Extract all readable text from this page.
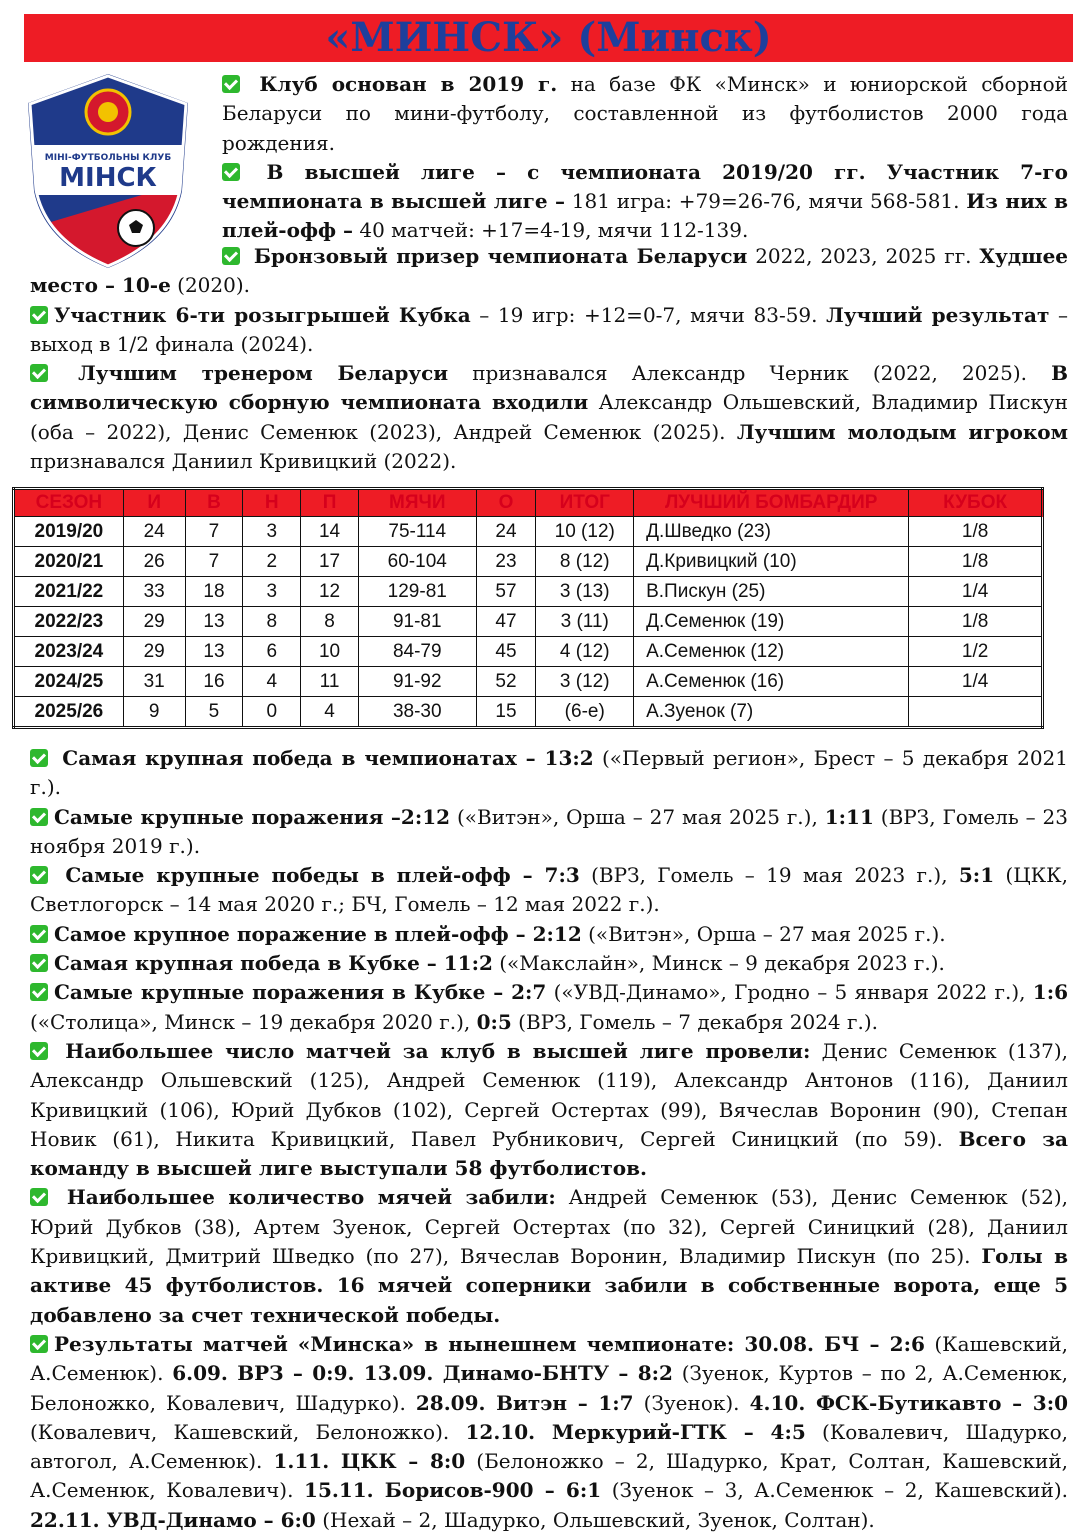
«МИНСК» (Минск)
МІНІ-ФУТБОЛЬНЫ КЛУБ
МІНСК

Клуб основан в 2019 г. на базе ФК «Минск» и юниорской сборной Беларуси по мини-футболу, составленной из футболистов 2000 года рождения.

В высшей лиге – с чемпионата 2019/20 гг. Участник 7-го чемпионата в высшей лиге – 181 игра: +79=26-76, мячи 568-581. Из них в плей-офф – 40 матчей: +17=4-19, мячи 112-139.

Бронзовый призер чемпионата Беларуси 2022, 2023, 2025 гг. Худшее место – 10-е (2020).

Участник 6-ти розыгрышей Кубка – 19 игр: +12=0-7, мячи 83-59. Лучший результат – выход в 1/2 финала (2024).

Лучшим тренером Беларуси признавался Александр Черник (2022, 2025). В символическую сборную чемпионата входили Александр Ольшевский, Владимир Пискун (оба – 2022), Денис Семенюк (2023), Андрей Семенюк (2025). Лучшим молодым игроком признавался Даниил Кривицкий (2022).

СЕЗОН	И	В	Н	П	МЯЧИ	О	ИТОГ	ЛУЧШИЙ БОМБАРДИР	КУБОК
2019/20	24	7	3	14	75-114	24	10 (12)	Д.Шведко (23)	1/8
2020/21	26	7	2	17	60-104	23	8 (12)	Д.Кривицкий (10)	1/8
2021/22	33	18	3	12	129-81	57	3 (13)	В.Пискун (25)	1/4
2022/23	29	13	8	8	91-81	47	3 (11)	Д.Семенюк (19)	1/8
2023/24	29	13	6	10	84-79	45	4 (12)	А.Семенюк (12)	1/2
2024/25	31	16	4	11	91-92	52	3 (12)	А.Семенюк (16)	1/4
2025/26	9	5	0	4	38-30	15	(6-е)	А.Зуенок (7)	

Самая крупная победа в чемпионатах – 13:2 («Первый регион», Брест – 5 декабря 2021 г.).

Самые крупные поражения –2:12 («Витэн», Орша – 27 мая 2025 г.), 1:11 (ВРЗ, Гомель – 23 ноября 2019 г.).

Самые крупные победы в плей-офф – 7:3 (ВРЗ, Гомель – 19 мая 2023 г.), 5:1 (ЦКК, Светлогорск – 14 мая 2020 г.; БЧ, Гомель – 12 мая 2022 г.).

Самое крупное поражение в плей-офф – 2:12 («Витэн», Орша – 27 мая 2025 г.).

Самая крупная победа в Кубке – 11:2 («Макслайн», Минск – 9 декабря 2023 г.).

Самые крупные поражения в Кубке – 2:7 («УВД-Динамо», Гродно – 5 января 2022 г.), 1:6 («Столица», Минск – 19 декабря 2020 г.), 0:5 (ВРЗ, Гомель – 7 декабря 2024 г.).

Наибольшее число матчей за клуб в высшей лиге провели: Денис Семенюк (137), Александр Ольшевский (125), Андрей Семенюк (119), Александр Антонов (116), Даниил Кривицкий (106), Юрий Дубков (102), Сергей Остертах (99), Вячеслав Воронин (90), Степан Новик (61), Никита Кривицкий, Павел Рубникович, Сергей Синицкий (по 59). Всего за команду в высшей лиге выступали 58 футболистов.

Наибольшее количество мячей забили: Андрей Семенюк (53), Денис Семенюк (52), Юрий Дубков (38), Артем Зуенок, Сергей Остертах (по 32), Сергей Синицкий (28), Даниил Кривицкий, Дмитрий Шведко (по 27), Вячеслав Воронин, Владимир Пискун (по 25). Голы в активе 45 футболистов. 16 мячей соперники забили в собственные ворота, еще 5 добавлено за счет технической победы.

Результаты матчей «Минска» в нынешнем чемпионате: 30.08. БЧ – 2:6 (Кашевский, А.Семенюк). 6.09. ВРЗ – 0:9. 13.09. Динамо-БНТУ – 8:2 (Зуенок, Куртов – по 2, А.Семенюк, Белоножко, Ковалевич, Шадурко). 28.09. Витэн – 1:7 (Зуенок). 4.10. ФСК-Бутикавто – 3:0 (Ковалевич, Кашевский, Белоножко). 12.10. Меркурий-ГТК – 4:5 (Ковалевич, Шадурко, автогол, А.Семенюк). 1.11. ЦКК – 8:0 (Белоножко – 2, Шадурко, Крат, Солтан, Кашевский, А.Семенюк, Ковалевич). 15.11. Борисов-900 – 6:1 (Зуенок – 3, А.Семенюк – 2, Кашевский). 22.11. УВД-Динамо – 6:0 (Нехай – 2, Шадурко, Ольшевский, Зуенок, Солтан).
